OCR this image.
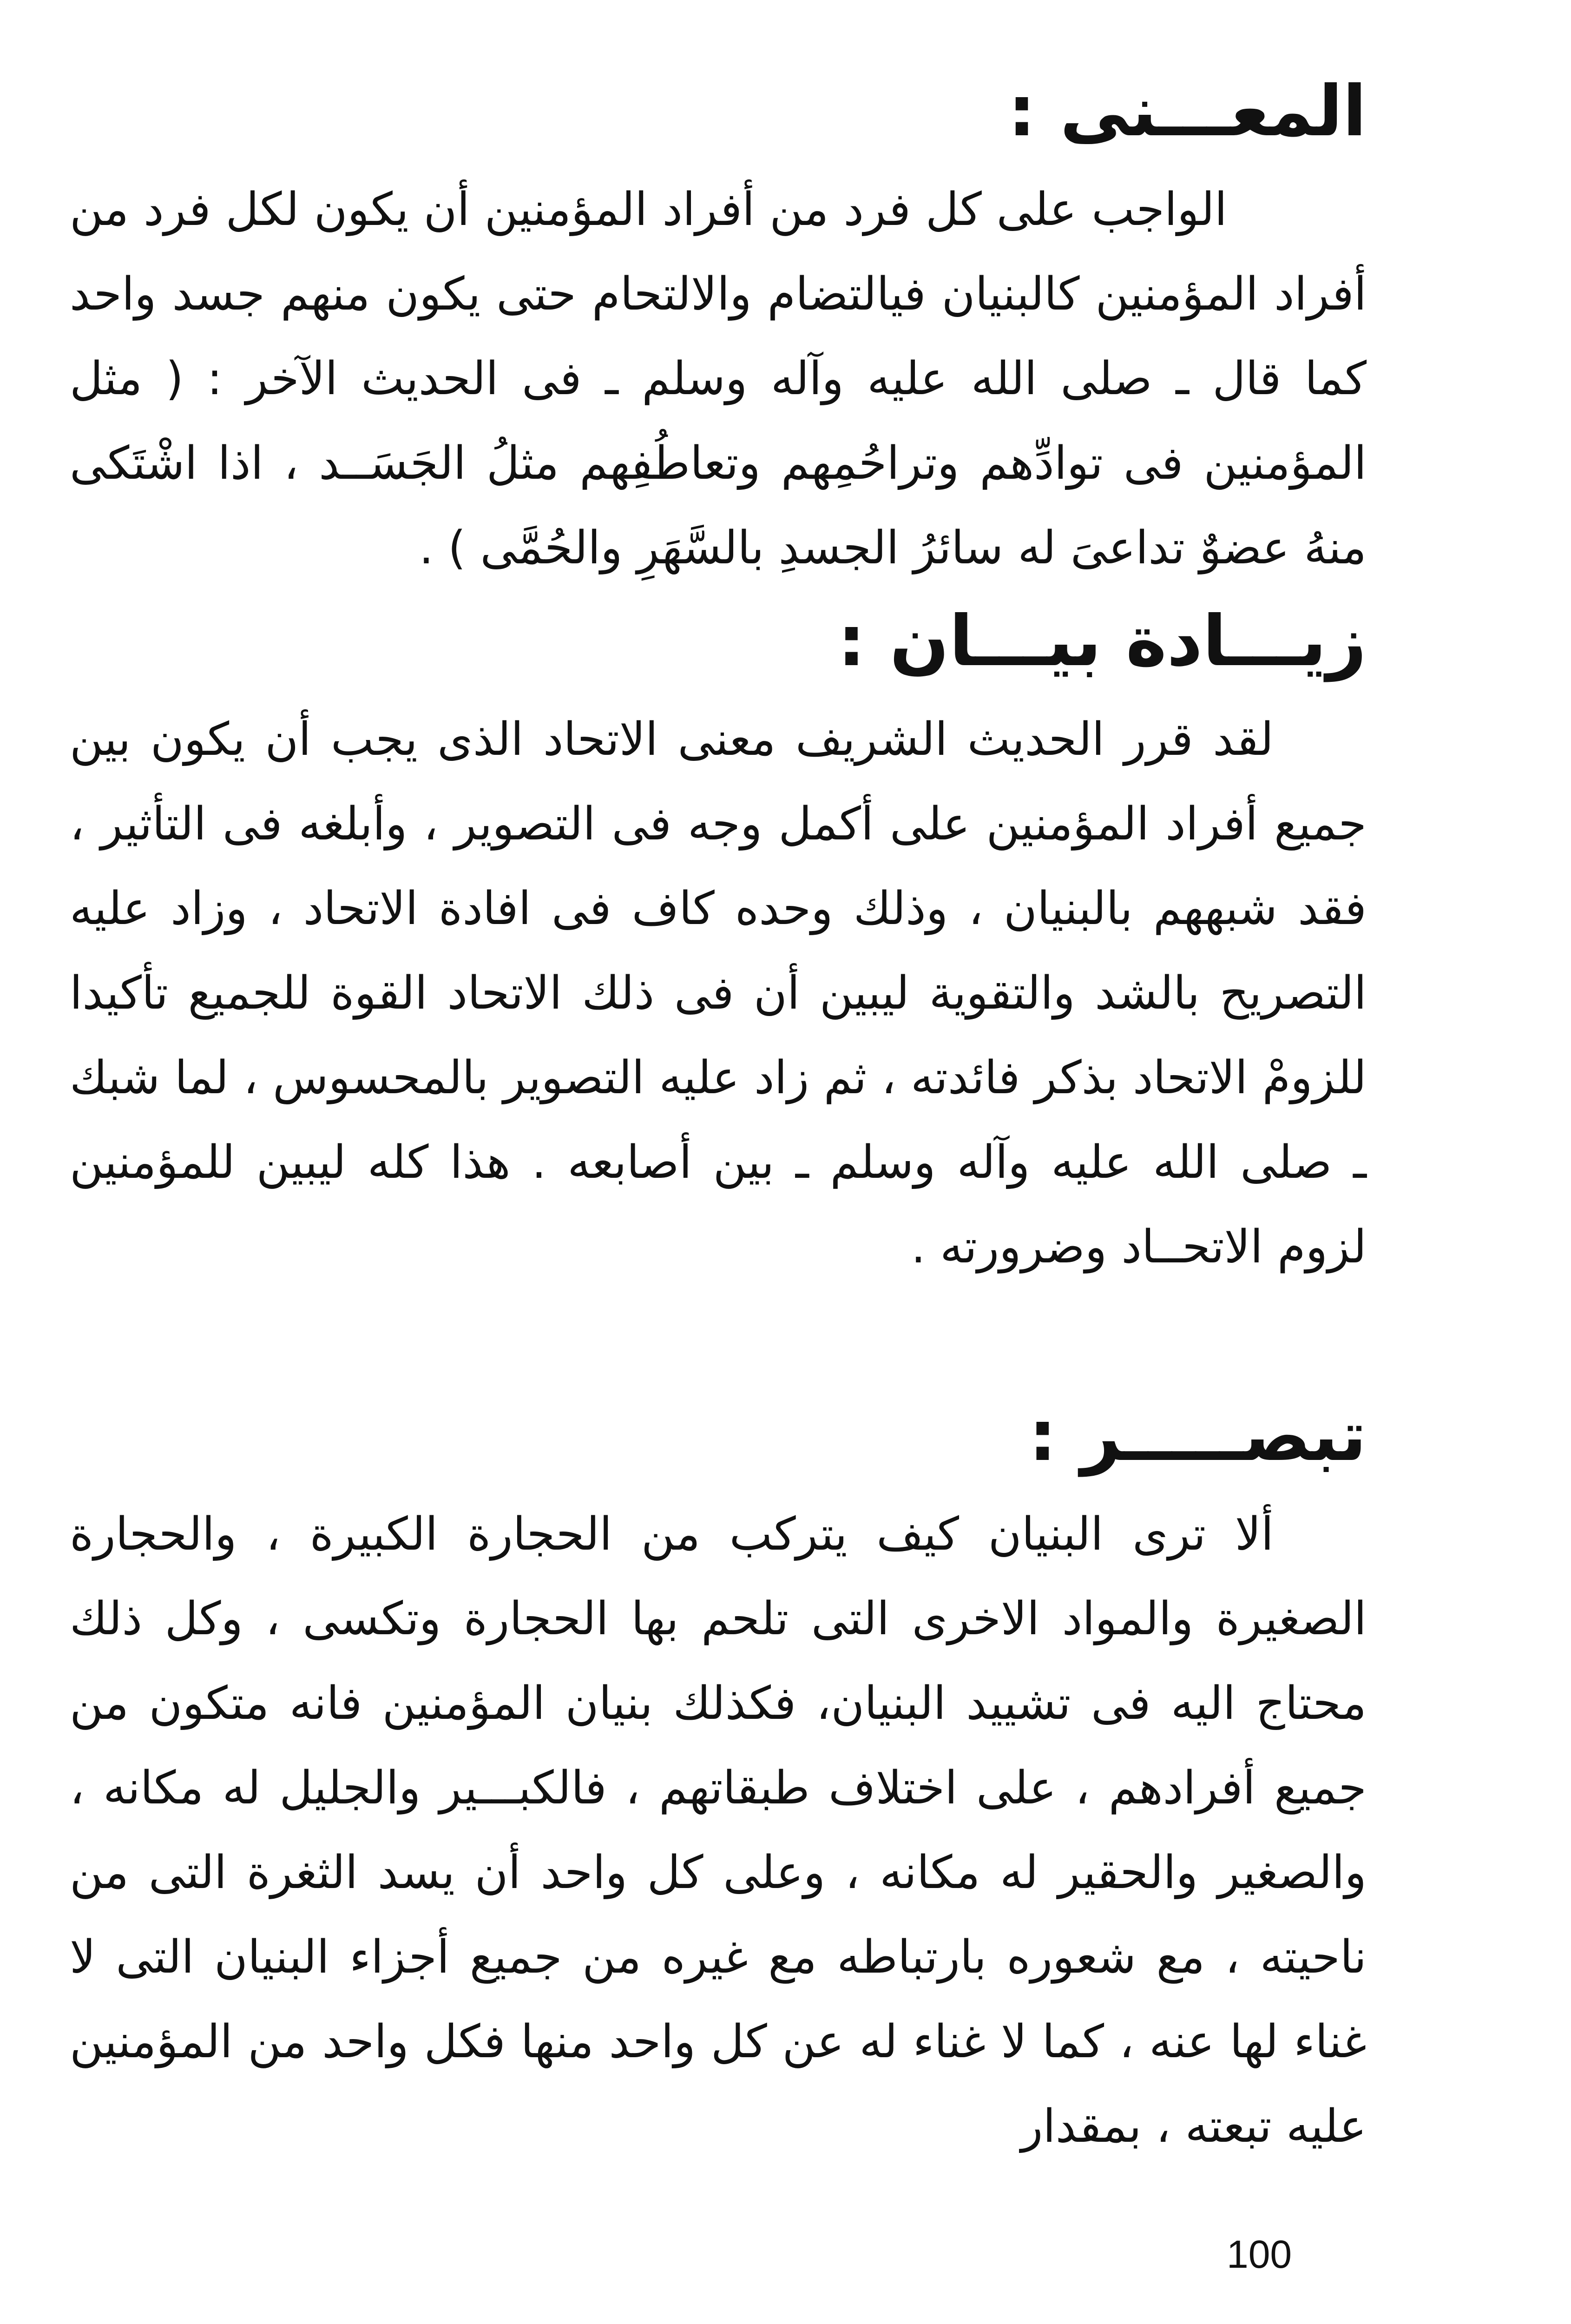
المعـــنى :

الواجب على كل فرد من أفراد المؤمنين أن يكون لكل فرد من أفراد المؤمنين كالبنيان فيالتضام والالتحام حتى يكون منهم جسد واحد كما قال ـ صلى الله عليه وآله وسلم ـ فى الحديث الآخر : ( مثل المؤمنين فى توادِّهم وتراحُمِهم وتعاطُفِهم مثلُ الجَسَــد ، اذا اشْتَكى منهُ عضوٌ تداعىَ له سائرُ الجسدِ بالسَّهَرِ والحُمَّى ) .

زيـــادة بيـــان :

لقد قرر الحديث الشريف معنى الاتحاد الذى يجب أن يكون بين جميع أفراد المؤمنين على أكمل وجه فى التصوير ، وأبلغه فى التأثير ، فقد شبههم بالبنيان ، وذلك وحده كاف فى افادة الاتحاد ، وزاد عليه التصريح بالشد والتقوية ليبين أن فى ذلك الاتحاد القوة للجميع تأكيدا للزومْ الاتحاد بذكر فائدته ، ثم زاد عليه التصوير بالمحسوس ، لما شبك ـ صلى الله عليه وآله وسلم ـ بين أصابعه . هذا كله ليبين للمؤمنين لزوم الاتحــاد وضرورته .

تبصـــــر :

ألا ترى البنيان كيف يتركب من الحجارة الكبيرة ، والحجارة الصغيرة والمواد الاخرى التى تلحم بها الحجارة وتكسى ، وكل ذلك محتاج اليه فى تشييد البنيان، فكذلك بنيان المؤمنين فانه متكون من جميع أفرادهم ، على اختلاف طبقاتهم ، فالكبـــير والجليل له مكانه ، والصغير والحقير له مكانه ، وعلى كل واحد أن يسد الثغرة التى من ناحيته ، مع شعوره بارتباطه مع غيره من جميع أجزاء البنيان التى لا غناء لها عنه ، كما لا غناء له عن كل واحد منها فكل واحد من المؤمنين عليه تبعته ، بمقدار

100
